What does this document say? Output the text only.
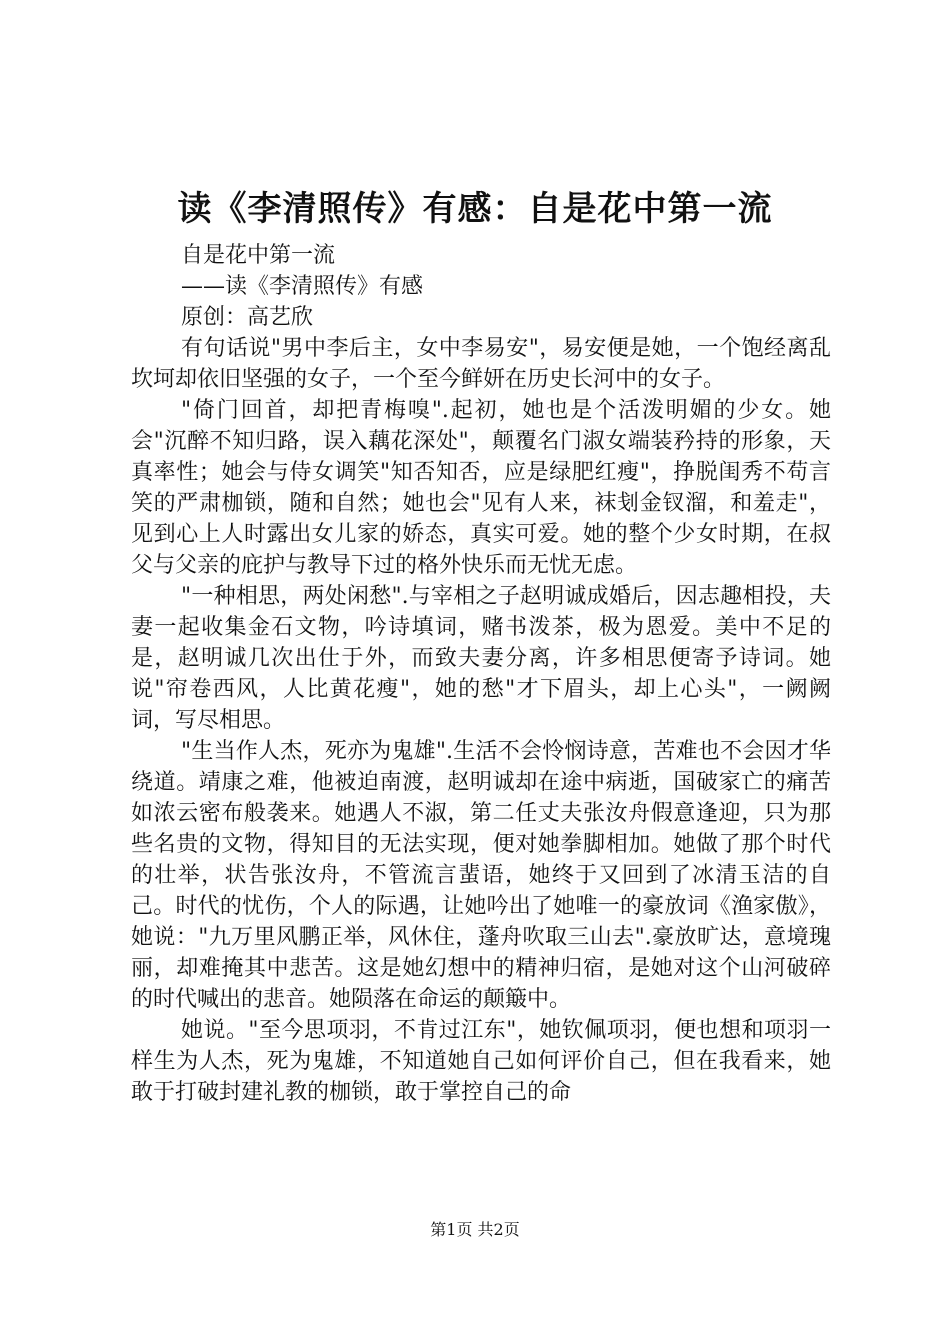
读《李清照传》有感：自是花中第一流

自是花中第一流

——读《李清照传》有感

原创：高艺欣

有句话说"男中李后主，女中李易安"，易安便是她，一个饱经离乱坎坷却依旧坚强的女子，一个至今鲜妍在历史长河中的女子。

"倚门回首，却把青梅嗅".起初，她也是个活泼明媚的少女。她会"沉醉不知归路，误入藕花深处"，颠覆名门淑女端装矜持的形象，天真率性；她会与侍女调笑"知否知否，应是绿肥红瘦"，挣脱闺秀不苟言笑的严肃枷锁，随和自然；她也会"见有人来，袜刬金钗溜，和羞走"，见到心上人时露出女儿家的娇态，真实可爱。她的整个少女时期，在叔父与父亲的庇护与教导下过的格外快乐而无忧无虑。

"一种相思，两处闲愁".与宰相之子赵明诚成婚后，因志趣相投，夫妻一起收集金石文物，吟诗填词，赌书泼茶，极为恩爱。美中不足的是，赵明诚几次出仕于外，而致夫妻分离，许多相思便寄予诗词。她说"帘卷西风，人比黄花瘦"，她的愁"才下眉头，却上心头"，一阙阙词，写尽相思。

"生当作人杰，死亦为鬼雄".生活不会怜悯诗意，苦难也不会因才华绕道。靖康之难，他被迫南渡，赵明诚却在途中病逝，国破家亡的痛苦如浓云密布般袭来。她遇人不淑，第二任丈夫张汝舟假意逢迎，只为那些名贵的文物，得知目的无法实现，便对她拳脚相加。她做了那个时代的壮举，状告张汝舟，不管流言蜚语，她终于又回到了冰清玉洁的自己。时代的忧伤，个人的际遇，让她吟出了她唯一的豪放词《渔家傲》，她说："九万里风鹏正举，风休住，蓬舟吹取三山去".豪放旷达，意境瑰丽，却难掩其中悲苦。这是她幻想中的精神归宿，是她对这个山河破碎的时代喊出的悲音。她陨落在命运的颠簸中。

她说。"至今思项羽，不肯过江东"，她钦佩项羽，便也想和项羽一样生为人杰，死为鬼雄，不知道她自己如何评价自己，但在我看来，她敢于打破封建礼教的枷锁，敢于掌控自己的命

第1页 共2页
